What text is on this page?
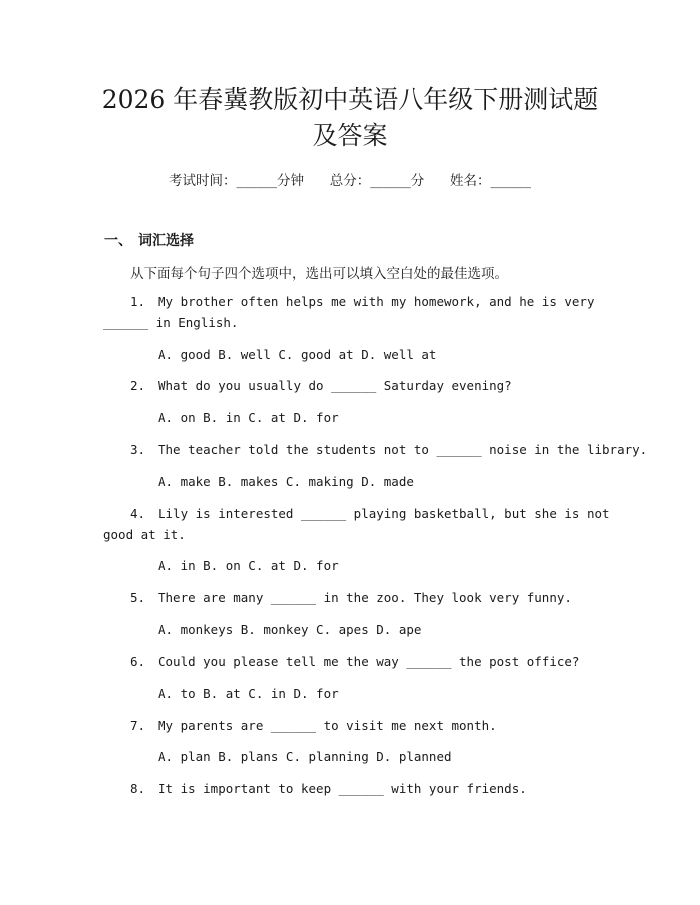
2026 年春冀教版初中英语八年级下册测试题
及答案
考试时间：______分钟      总分：______分      姓名：______
一、 词汇选择
从下面每个句子四个选项中，选出可以填入空白处的最佳选项。
1. My brother often helps me with my homework, and he is very
______ in English.
A. good B. well C. good at D. well at
2. What do you usually do ______ Saturday evening?
A. on B. in C. at D. for
3. The teacher told the students not to ______ noise in the library.
A. make B. makes C. making D. made
4. Lily is interested ______ playing basketball, but she is not
good at it.
A. in B. on C. at D. for
5. There are many ______ in the zoo. They look very funny.
A. monkeys B. monkey C. apes D. ape
6. Could you please tell me the way ______ the post office?
A. to B. at C. in D. for
7. My parents are ______ to visit me next month.
A. plan B. plans C. planning D. planned
8. It is important to keep ______ with your friends.
